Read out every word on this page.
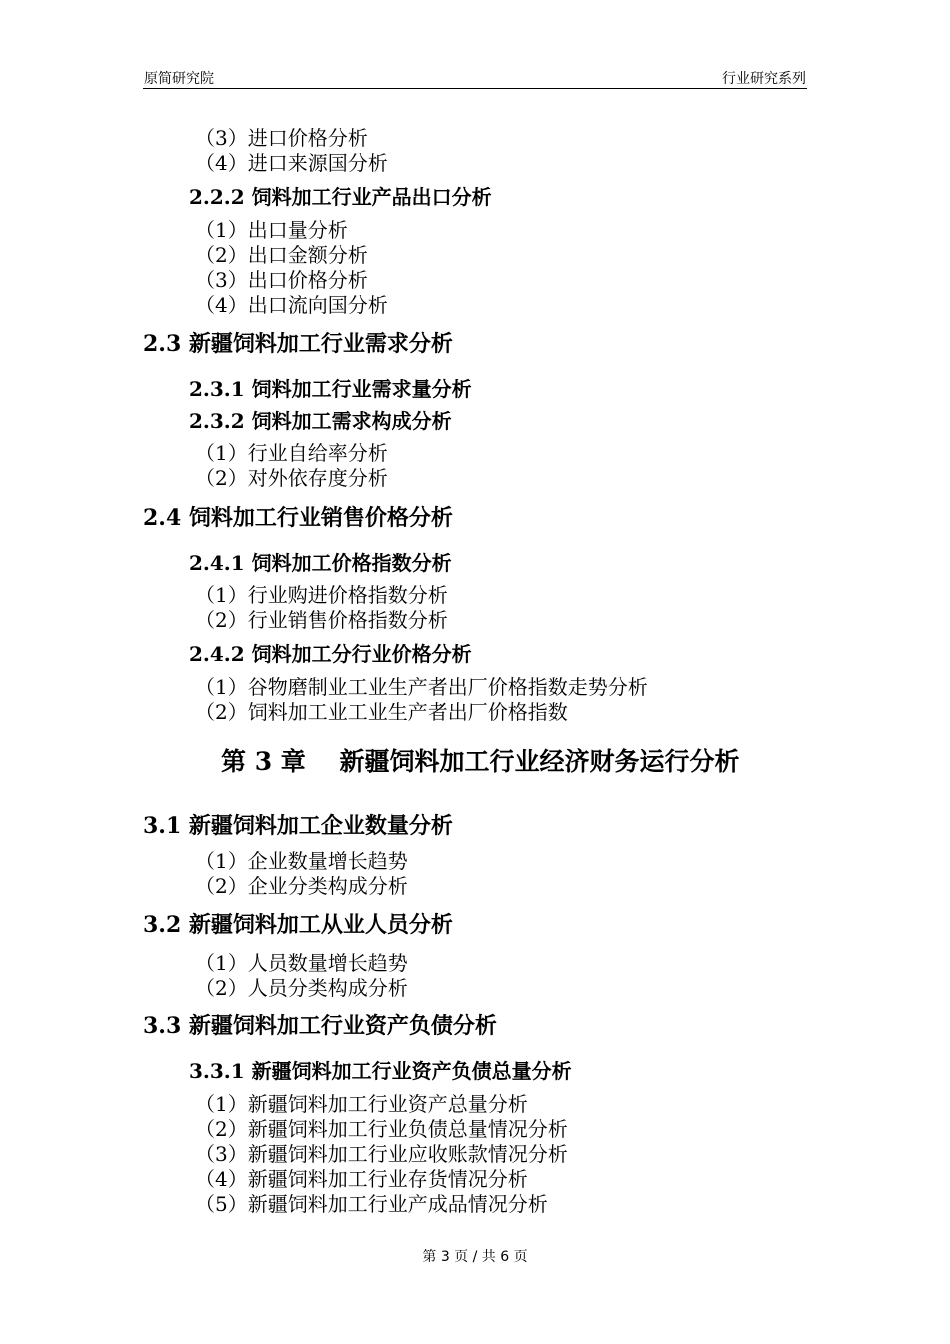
原简研究院	行业研究系列
（3）进口价格分析
（4）进口来源国分析
2.2.2 饲料加工行业产品出口分析
（1）出口量分析
（2）出口金额分析
（3）出口价格分析
（4）出口流向国分析
2.3 新疆饲料加工行业需求分析
2.3.1 饲料加工行业需求量分析
2.3.2 饲料加工需求构成分析
（1）行业自给率分析
（2）对外依存度分析
2.4 饲料加工行业销售价格分析
2.4.1 饲料加工价格指数分析
（1）行业购进价格指数分析
（2）行业销售价格指数分析
2.4.2 饲料加工分行业价格分析
（1）谷物磨制业工业生产者出厂价格指数走势分析
（2）饲料加工业工业生产者出厂价格指数
第 3 章　 新疆饲料加工行业经济财务运行分析
3.1 新疆饲料加工企业数量分析
（1）企业数量增长趋势
（2）企业分类构成分析
3.2 新疆饲料加工从业人员分析
（1）人员数量增长趋势
（2）人员分类构成分析
3.3 新疆饲料加工行业资产负债分析
3.3.1 新疆饲料加工行业资产负债总量分析
（1）新疆饲料加工行业资产总量分析
（2）新疆饲料加工行业负债总量情况分析
（3）新疆饲料加工行业应收账款情况分析
（4）新疆饲料加工行业存货情况分析
（5）新疆饲料加工行业产成品情况分析
第 3 页 / 共 6 页
